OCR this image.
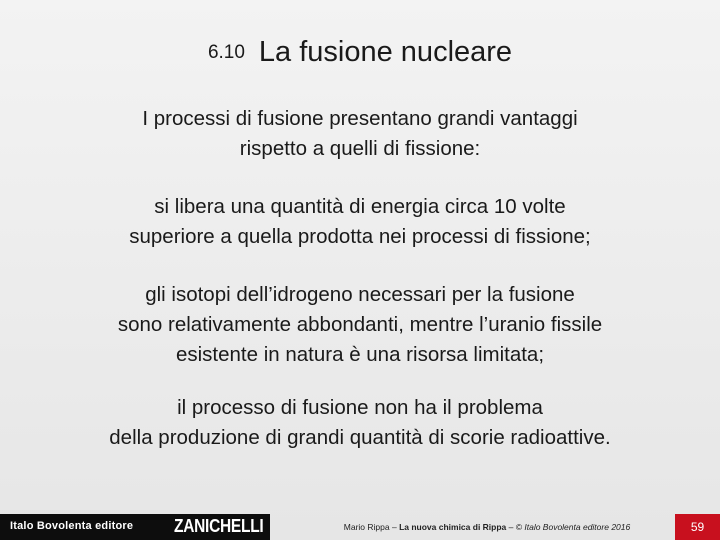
6.10 La fusione nucleare
I processi di fusione presentano grandi vantaggi
rispetto a quelli di fissione:
si libera una quantità di energia circa 10 volte
superiore a quella prodotta nei processi di fissione;
gli isotopi dell’idrogeno necessari per la fusione
sono relativamente abbondanti, mentre l’uranio fissile
esistente in natura è una risorsa limitata;
il processo di fusione non ha il problema
della produzione di grandi quantità di scorie radioattive.
Italo Bovolenta editore ZANICHELLI	Mario Rippa – La nuova chimica di Rippa – © Italo Bovolenta editore 2016	59
